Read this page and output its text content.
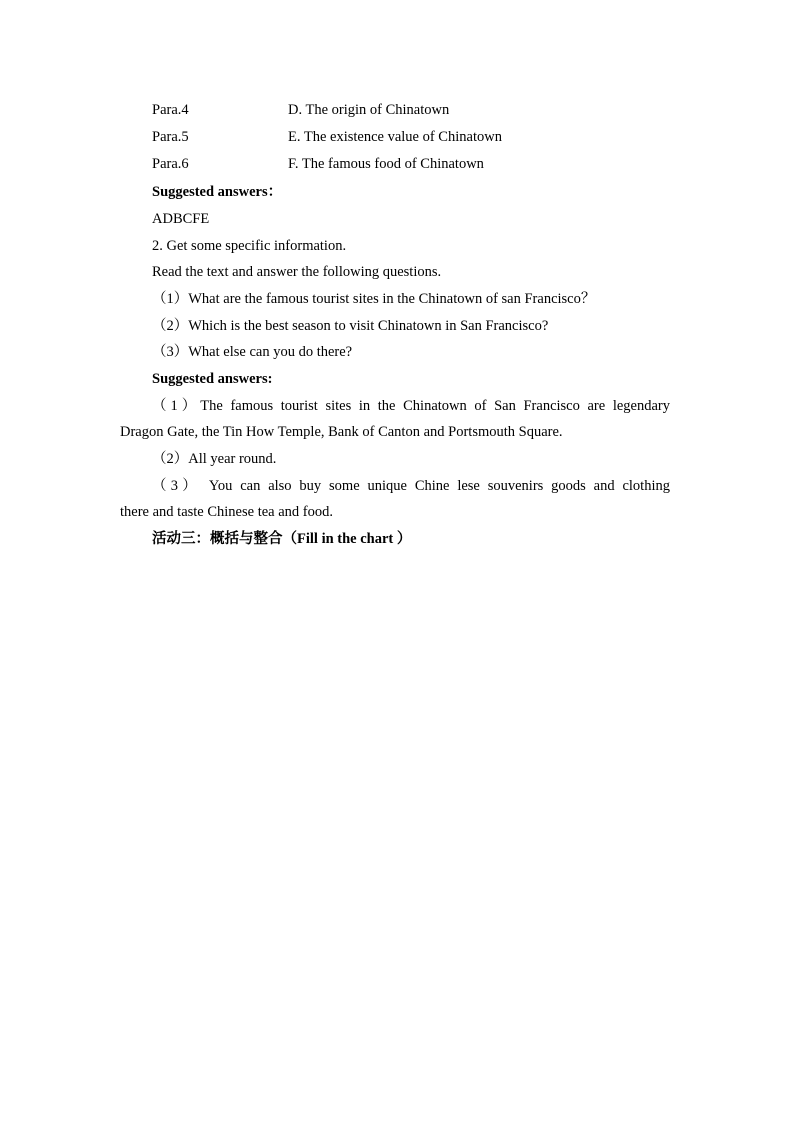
Para.4	D. The origin of Chinatown
Para.5	E. The existence value of Chinatown
Para.6	F. The famous food of Chinatown
Suggested answers：
ADBCFE
2. Get some specific information.
Read the text and answer the following questions.
（1）What are the famous tourist sites in the Chinatown of san Francisco？
（2）Which is the best season to visit Chinatown in San Francisco?
（3）What else can you do there?
Suggested answers:
（1）The famous tourist sites in the Chinatown of San Francisco are legendary
Dragon Gate, the Tin How Temple, Bank of Canton and Portsmouth Square.
（2）All year round.
（3） You can also buy some unique Chine lese souvenirs goods and clothing
there and taste Chinese tea and food.
活动三：概括与整合（Fill in the chart ）
